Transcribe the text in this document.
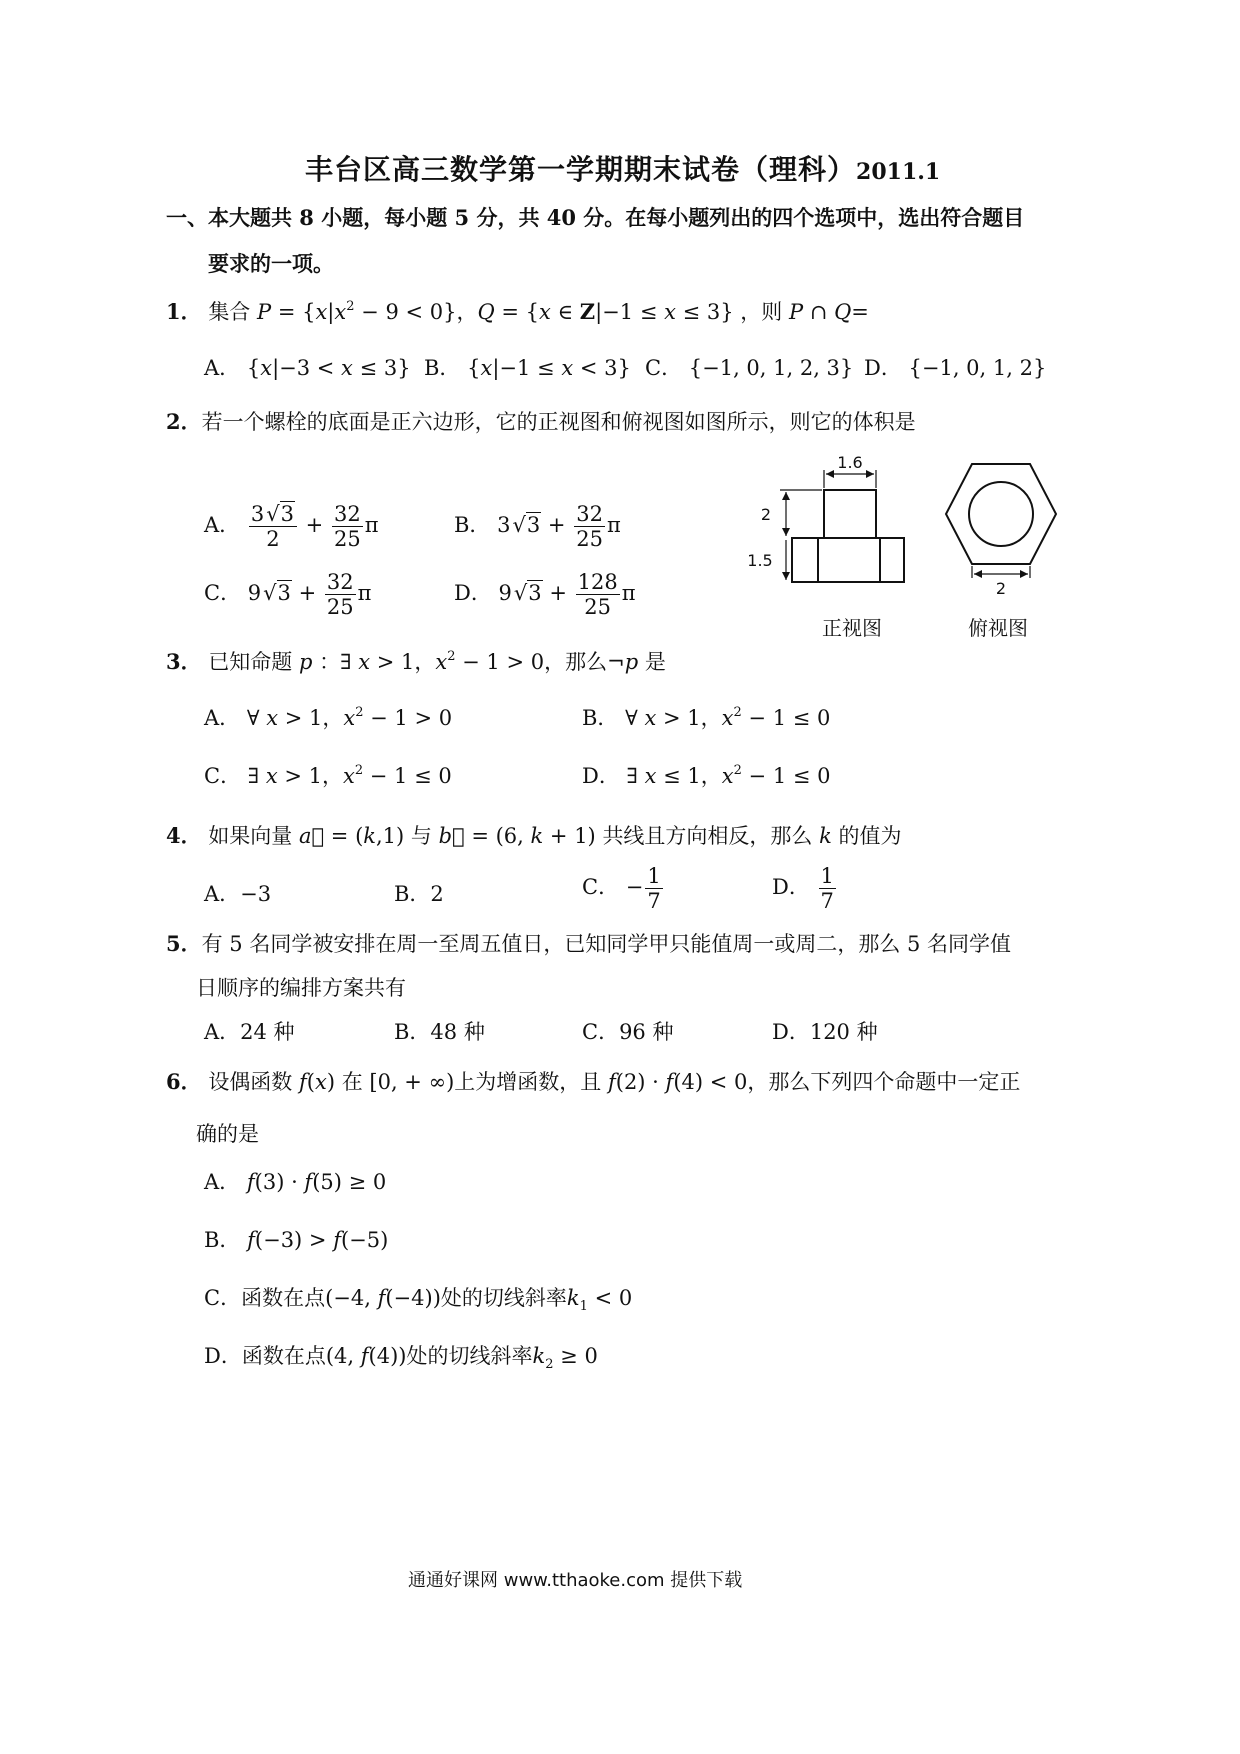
丰台区高三数学第一学期期末试卷（理科）2011.1
一、本大题共 8 小题，每小题 5 分，共 40 分。在每小题列出的四个选项中，选出符合题目
要求的一项。
1． 集合 $P = \{x|x^2 - 9 < 0\}$，Q = {x ∈ Z|−1 ≤ x ≤ 3} ，则 P ∩ Q=
A． {x|−3 < x ≤ 3} B． {x|−1 ≤ x < 3} C． {−1, 0, 1, 2, 3} D． {−1, 0, 1, 2}
2．若一个螺栓的底面是正六边形，它的正视图和俯视图如图所示，则它的体积是
A． $\frac{3√3}{2} + \frac{32}{25}$ π	B． $3√3 + \frac{32}{25}$ π
C． $9√3 + \frac{32}{25}$ π	D． $9√3 + \frac{128}{25}$ π
1.6
2
1.5
2
正视图	俯视图
3． 已知命题 p ：∃ x > 1，$x^2 - 1 > 0$，那么¬p 是
A． ∀ x > 1，$x^2 - 1 > 0$	B． ∀ x > 1，$x^2 - 1 \le 0$
C． ∃ x > 1，$x^2 - 1 \le 0$	D． ∃ x ≤ 1，$x^2 - 1 \le 0$
4． 如果向量 a⃗ = (k,1) 与 b⃗ = (6, k + 1) 共线且方向相反，那么 k 的值为
A．−3	B．2	C． − $\frac{1}{7}$	D． $\frac{1}{7}$
5．有 5 名同学被安排在周一至周五值日，已知同学甲只能值周一或周二，那么 5 名同学值
日顺序的编排方案共有
A．24 种	B．48 种	C．96 种	D．120 种
6． 设偶函数 f(x) 在 [0, + ∞)上为增函数，且 f(2) · f(4) < 0，那么下列四个命题中一定正
确的是
A． f(3) · f(5) ≥ 0
B． f(−3) > f(−5)
C．函数在点(−4, f(−4))处的切线斜率$k_1 < 0$
D．函数在点(4, f(4))处的切线斜率$k_2 \ge 0$
通通好课网 www.tthaoke.com 提供下载
